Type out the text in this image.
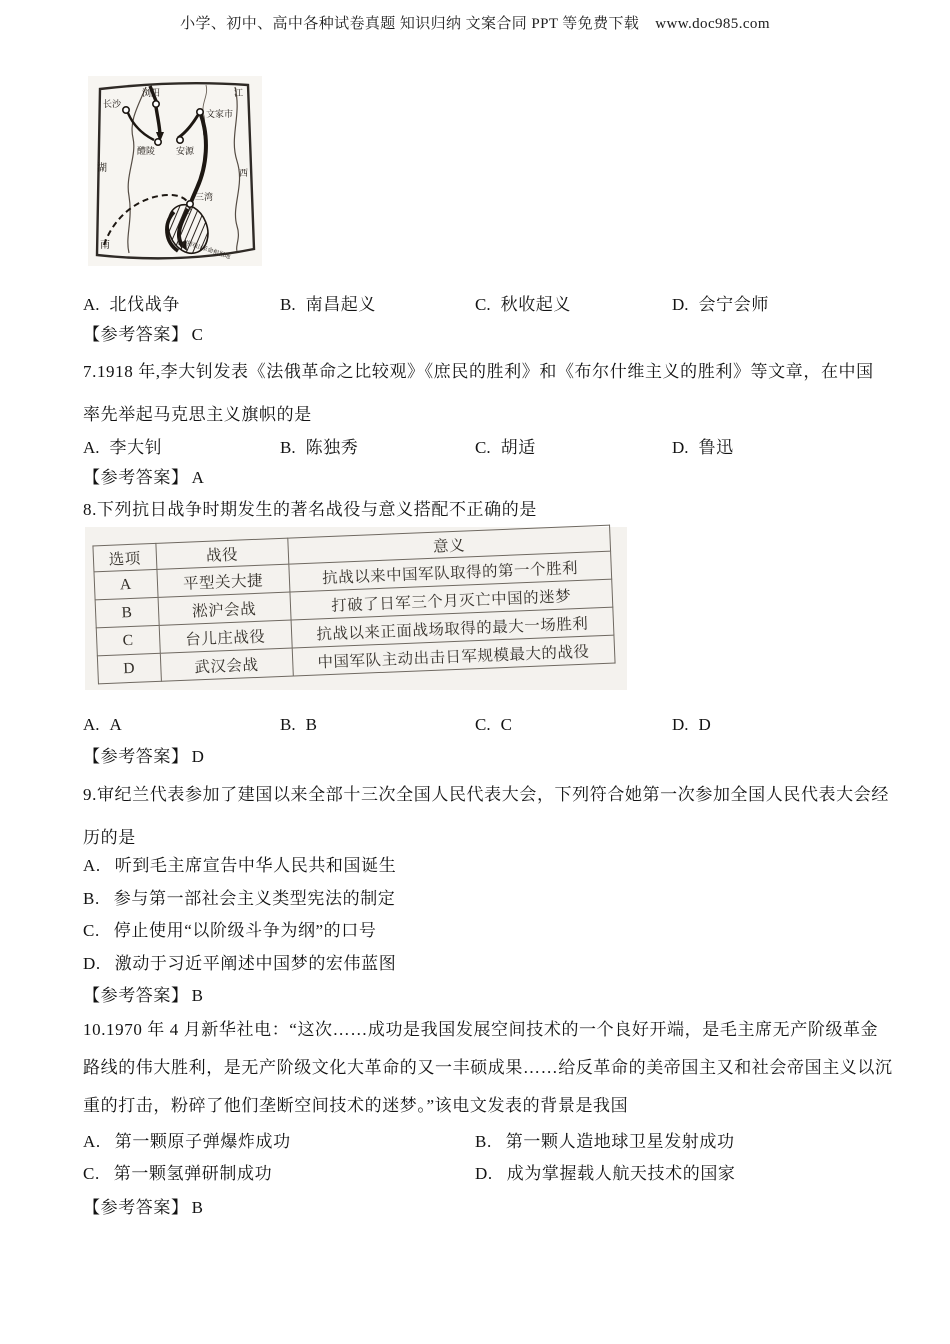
小学、初中、高中各种试卷真题 知识归纳 文案合同 PPT 等免费下载 www.doc985.com
浏阳
长沙
文家市
醴陵 安源
三湾
井冈山革命根据地
湖
南
江
西
A. 北伐战争	B. 南昌起义	C. 秋收起义	D. 会宁会师
【参考答案】 C
7.1918 年,李大钊发表《法俄革命之比较观》《庶民的胜利》和《布尔什维主义的胜利》等文章，在中国
率先举起马克思主义旗帜的是
A. 李大钊	B. 陈独秀	C. 胡适	D. 鲁迅
【参考答案】 A
8.下列抗日战争时期发生的著名战役与意义搭配不正确的是
选项	战役	意义
A	平型关大捷	抗战以来中国军队取得的第一个胜利
B	淞沪会战	打破了日军三个月灭亡中国的迷梦
C	台儿庄战役	抗战以来正面战场取得的最大一场胜利
D	武汉会战	中国军队主动出击日军规模最大的战役
A. A	B. B	C. C	D. D
【参考答案】 D
9.审纪兰代表参加了建国以来全部十三次全国人民代表大会，下列符合她第一次参加全国人民代表大会经
历的是
A. 听到毛主席宣告中华人民共和国诞生
B. 参与第一部社会主义类型宪法的制定
C. 停止使用“以阶级斗争为纲”的口号
D. 激动于习近平阐述中国梦的宏伟蓝图
【参考答案】 B
10.1970 年 4 月新华社电：“这次……成功是我国发展空间技术的一个良好开端，是毛主席无产阶级革金
路线的伟大胜利，是无产阶级文化大革命的又一丰硕成果……给反革命的美帝国主又和社会帝国主义以沉
重的打击，粉碎了他们垄断空间技术的迷梦。”该电文发表的背景是我国
A. 第一颗原子弹爆炸成功	B. 第一颗人造地球卫星发射成功
C. 第一颗氢弹研制成功	D. 成为掌握载人航天技术的国家
【参考答案】 B
